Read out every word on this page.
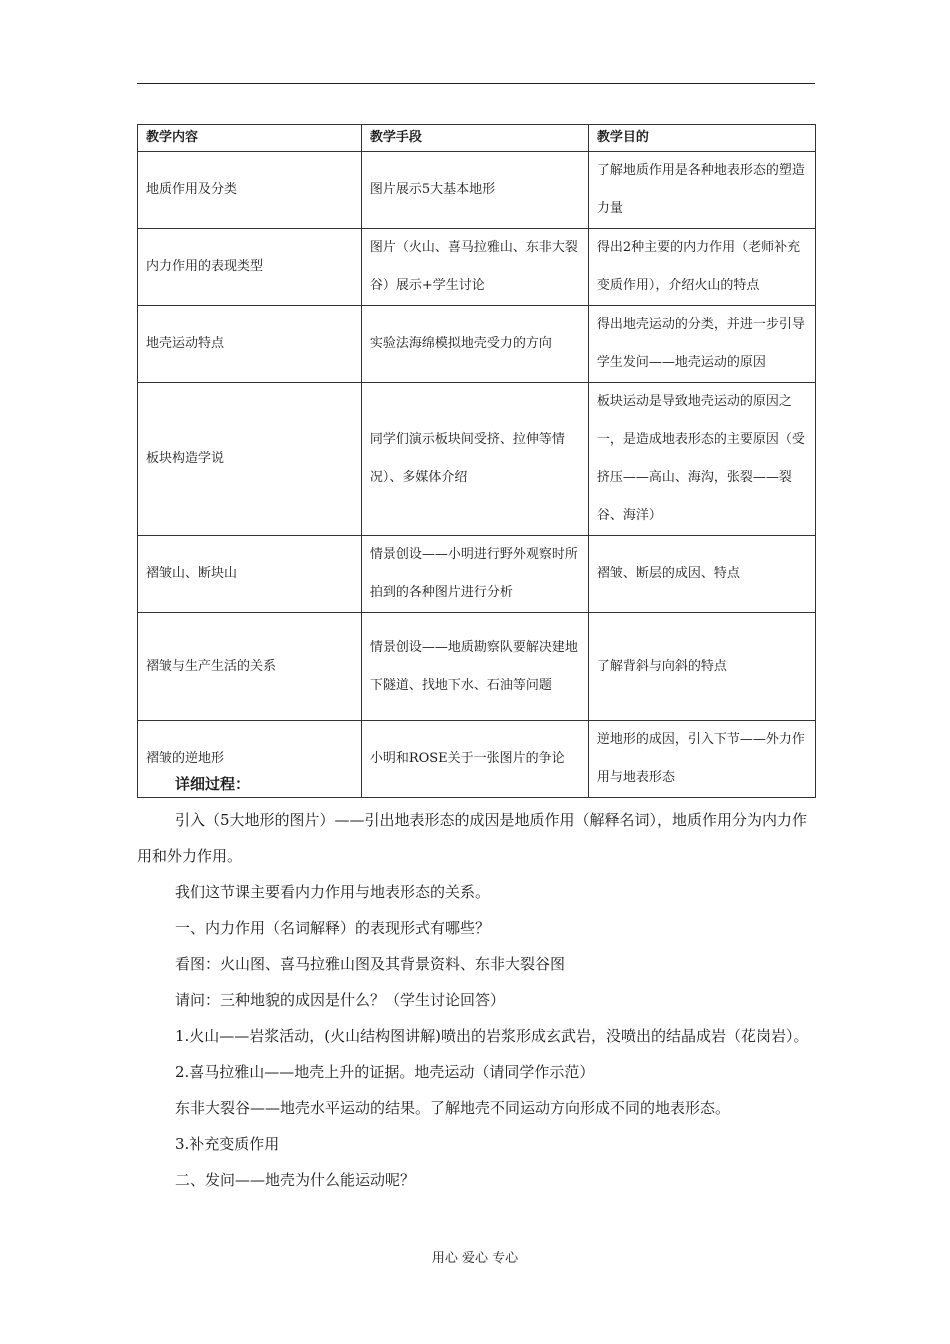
教学内容	教学手段	教学目的
地质作用及分类	图片展示5大基本地形	了解地质作用是各种地表形态的塑造力量
内力作用的表现类型	图片（火山、喜马拉雅山、东非大裂谷）展示+学生讨论	得出2种主要的内力作用（老师补充变质作用），介绍火山的特点
地壳运动特点	实验法海绵模拟地壳受力的方向	得出地壳运动的分类，并进一步引导学生发问——地壳运动的原因
板块构造学说	同学们演示板块间受挤、拉伸等情况）、多媒体介绍	板块运动是导致地壳运动的原因之一，是造成地表形态的主要原因（受挤压——高山、海沟，张裂——裂谷、海洋）
褶皱山、断块山	情景创设——小明进行野外观察时所拍到的各种图片进行分析	褶皱、断层的成因、特点
褶皱与生产生活的关系	情景创设——地质勘察队要解决建地下隧道、找地下水、石油等问题	了解背斜与向斜的特点
褶皱的逆地形	小明和ROSE关于一张图片的争论	逆地形的成因，引入下节——外力作用与地表形态

详细过程：

引入（5大地形的图片）——引出地表形态的成因是地质作用（解释名词），地质作用分为内力作用和外力作用。

我们这节课主要看内力作用与地表形态的关系。

一、内力作用（名词解释）的表现形式有哪些？

看图：火山图、喜马拉雅山图及其背景资料、东非大裂谷图

请问：三种地貌的成因是什么？（学生讨论回答）

1.火山——岩浆活动，(火山结构图讲解)喷出的岩浆形成玄武岩，没喷出的结晶成岩（花岗岩）。

2.喜马拉雅山——地壳上升的证据。地壳运动（请同学作示范）

东非大裂谷——地壳水平运动的结果。了解地壳不同运动方向形成不同的地表形态。

3.补充变质作用

二、发问——地壳为什么能运动呢？

用心 爱心 专心
